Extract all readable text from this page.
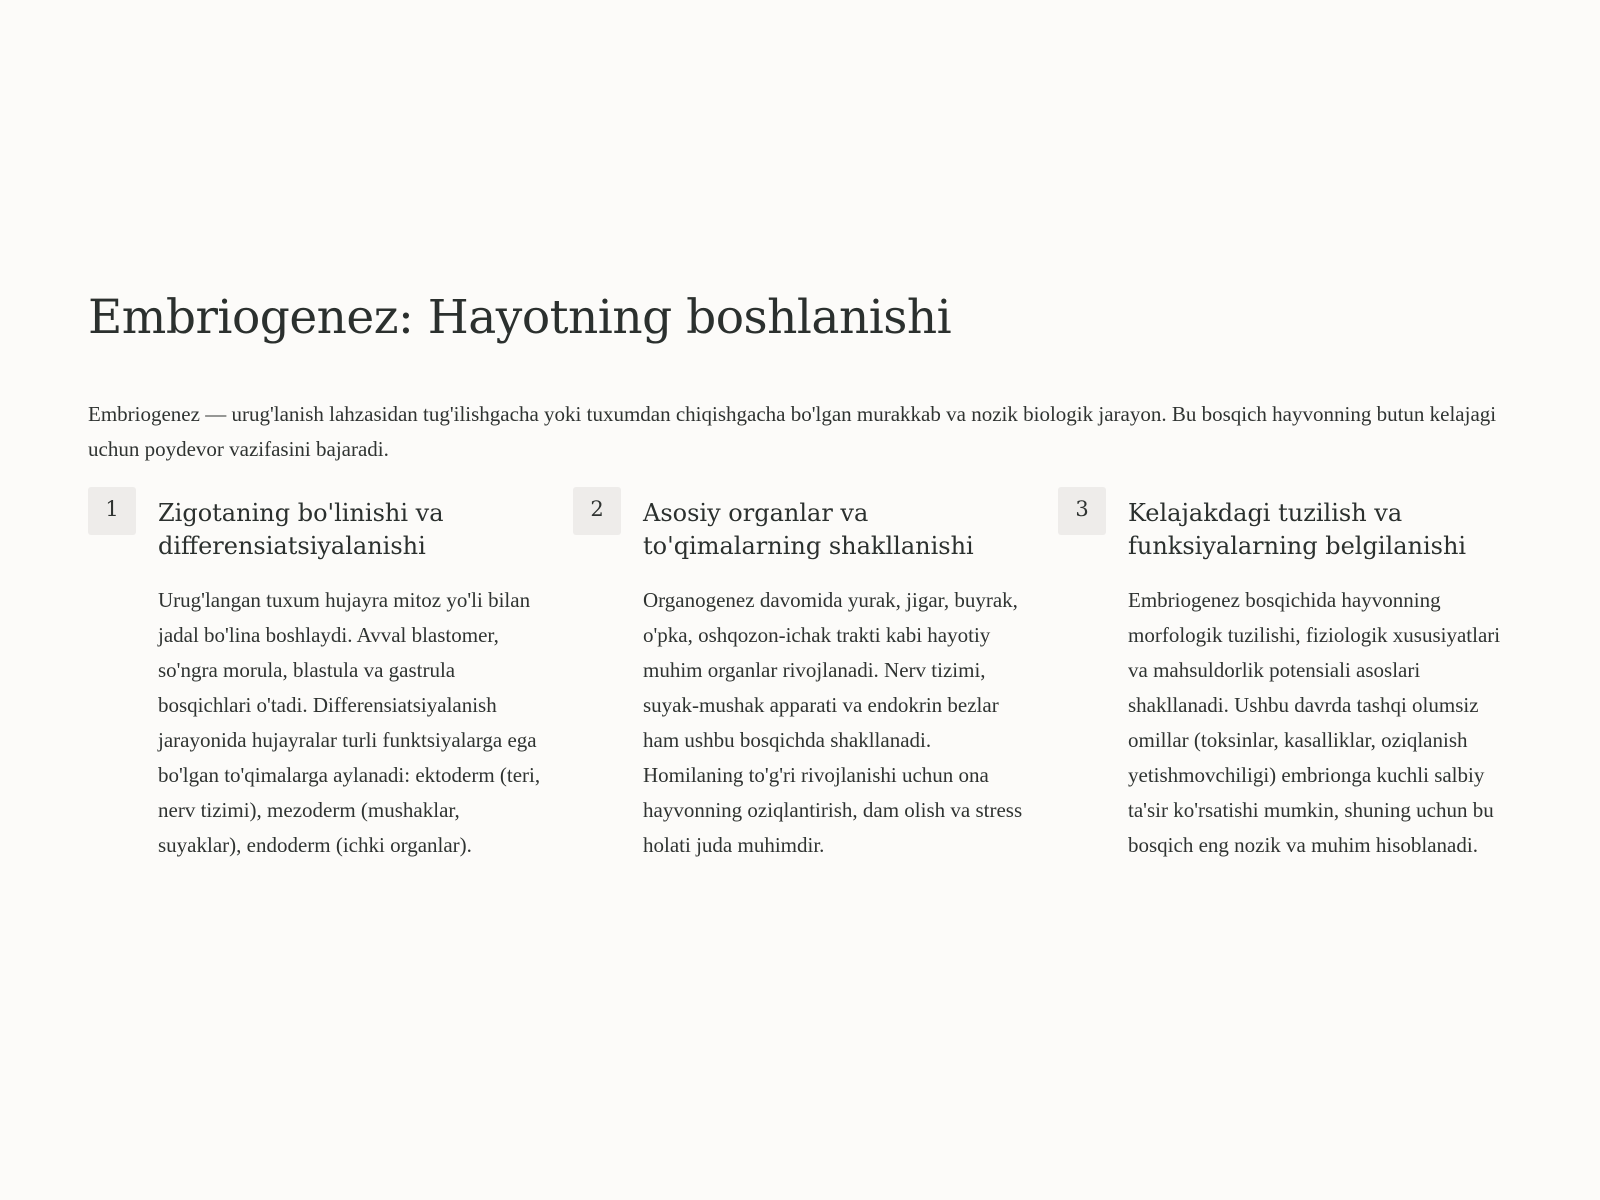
Embriogenez: Hayotning boshlanishi

Embriogenez — urug'lanish lahzasidan tug'ilishgacha yoki tuxumdan chiqishgacha bo'lgan murakkab va nozik biologik jarayon. Bu bosqich hayvonning butun kelajagi uchun poydevor vazifasini bajaradi.

1	Zigotaning bo'linishi va differensiatsiyalanishi

Urug'langan tuxum hujayra mitoz yo'li bilan jadal bo'lina boshlaydi. Avval blastomer, so'ngra morula, blastula va gastrula bosqichlari o'tadi. Differensiatsiyalanish jarayonida hujayralar turli funktsiyalarga ega bo'lgan to'qimalarga aylanadi: ektoderm (teri, nerv tizimi), mezoderm (mushaklar, suyaklar), endoderm (ichki organlar).

2	Asosiy organlar va to'qimalarning shakllanishi

Organogenez davomida yurak, jigar, buyrak, o'pka, oshqozon-ichak trakti kabi hayotiy muhim organlar rivojlanadi. Nerv tizimi, suyak-mushak apparati va endokrin bezlar ham ushbu bosqichda shakllanadi. Homilaning to'g'ri rivojlanishi uchun ona hayvonning oziqlantirish, dam olish va stress holati juda muhimdir.

3	Kelajakdagi tuzilish va funksiyalarning belgilanishi

Embriogenez bosqichida hayvonning morfologik tuzilishi, fiziologik xususiyatlari va mahsuldorlik potensiali asoslari shakllanadi. Ushbu davrda tashqi olumsiz omillar (toksinlar, kasalliklar, oziqlanish yetishmovchiligi) embrionga kuchli salbiy ta'sir ko'rsatishi mumkin, shuning uchun bu bosqich eng nozik va muhim hisoblanadi.
